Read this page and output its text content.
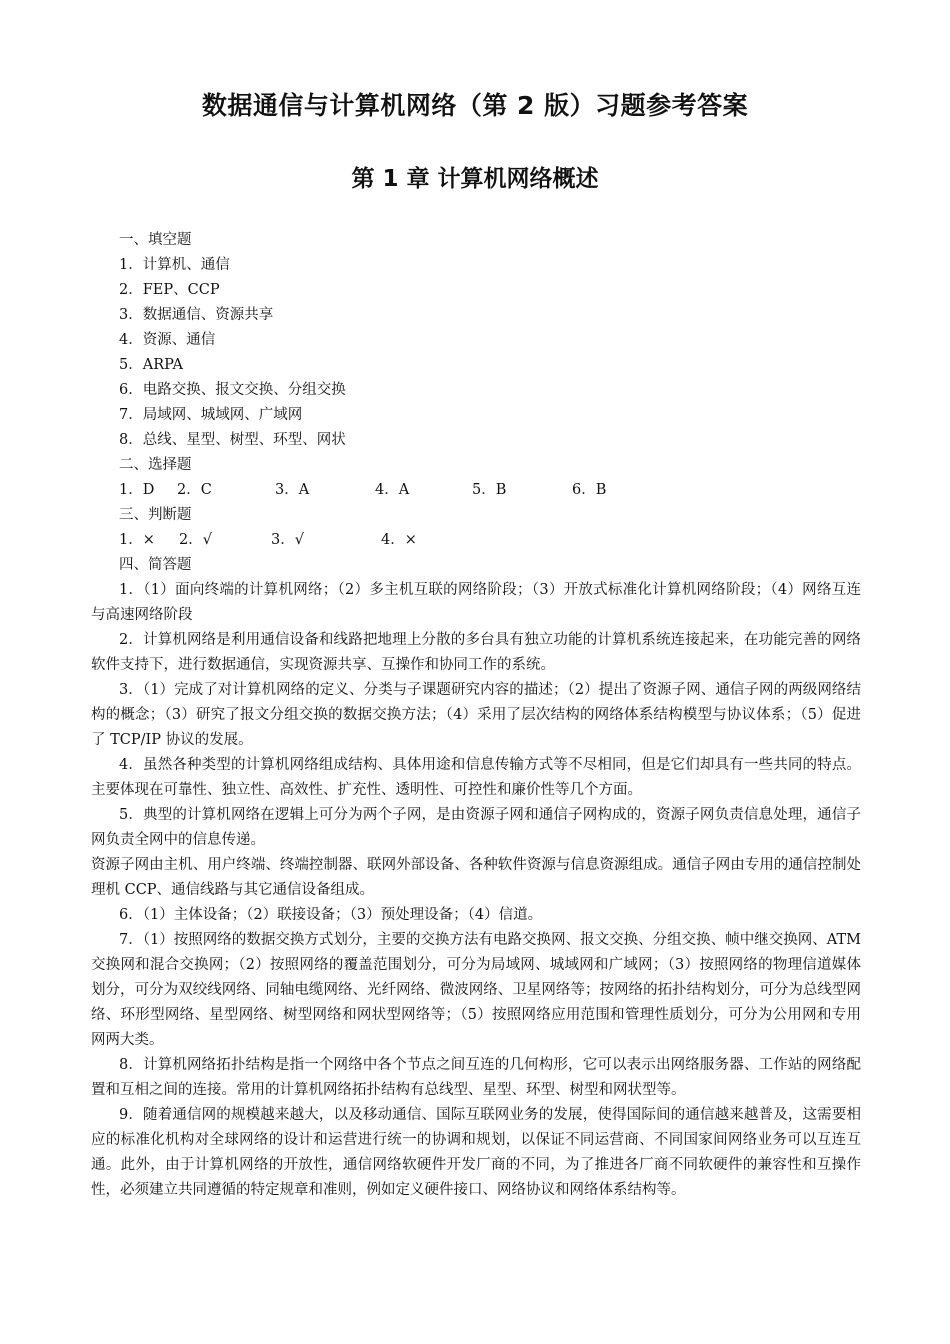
数据通信与计算机网络（第 2 版）习题参考答案
第 1 章 计算机网络概述
一、填空题
1．计算机、通信
2．FEP、CCP
3．数据通信、资源共享
4．资源、通信
5．ARPA
6．电路交换、报文交换、分组交换
7．局域网、城域网、广域网
8．总线、星型、树型、环型、网状
二、选择题
1．D	2．C	3．A	4．A	5．B	6．B
三、判断题
1．×	2．√	3．√	4．×
四、简答题

1．（1）面向终端的计算机网络；（2）多主机互联的网络阶段；（3）开放式标准化计算机网络阶段；（4）网络互连与高速网络阶段

2．计算机网络是利用通信设备和线路把地理上分散的多台具有独立功能的计算机系统连接起来，在功能完善的网络软件支持下，进行数据通信，实现资源共享、互操作和协同工作的系统。

3．（1）完成了对计算机网络的定义、分类与子课题研究内容的描述；（2）提出了资源子网、通信子网的两级网络结构的概念；（3）研究了报文分组交换的数据交换方法；（4）采用了层次结构的网络体系结构模型与协议体系；（5）促进了 TCP/IP 协议的发展。

4．虽然各种类型的计算机网络组成结构、具体用途和信息传输方式等不尽相同，但是它们却具有一些共同的特点。主要体现在可靠性、独立性、高效性、扩充性、透明性、可控性和廉价性等几个方面。

5．典型的计算机网络在逻辑上可分为两个子网，是由资源子网和通信子网构成的，资源子网负责信息处理，通信子网负责全网中的信息传递。

资源子网由主机、用户终端、终端控制器、联网外部设备、各种软件资源与信息资源组成。通信子网由专用的通信控制处理机 CCP、通信线路与其它通信设备组成。

6．（1）主体设备；（2）联接设备；（3）预处理设备；（4）信道。

7．（1）按照网络的数据交换方式划分，主要的交换方法有电路交换网、报文交换、分组交换、帧中继交换网、ATM 交换网和混合交换网；（2）按照网络的覆盖范围划分，可分为局域网、城域网和广域网；（3）按照网络的物理信道媒体划分，可分为双绞线网络、同轴电缆网络、光纤网络、微波网络、卫星网络等；按网络的拓扑结构划分，可分为总线型网络、环形型网络、星型网络、树型网络和网状型网络等；（5）按照网络应用范围和管理性质划分，可分为公用网和专用网两大类。

8．计算机网络拓扑结构是指一个网络中各个节点之间互连的几何构形，它可以表示出网络服务器、工作站的网络配置和互相之间的连接。常用的计算机网络拓扑结构有总线型、星型、环型、树型和网状型等。

9．随着通信网的规模越来越大，以及移动通信、国际互联网业务的发展，使得国际间的通信越来越普及，这需要相应的标准化机构对全球网络的设计和运营进行统一的协调和规划，以保证不同运营商、不同国家间网络业务可以互连互通。此外，由于计算机网络的开放性，通信网络软硬件开发厂商的不同，为了推进各厂商不同软硬件的兼容性和互操作性，必须建立共同遵循的特定规章和准则，例如定义硬件接口、网络协议和网络体系结构等。
